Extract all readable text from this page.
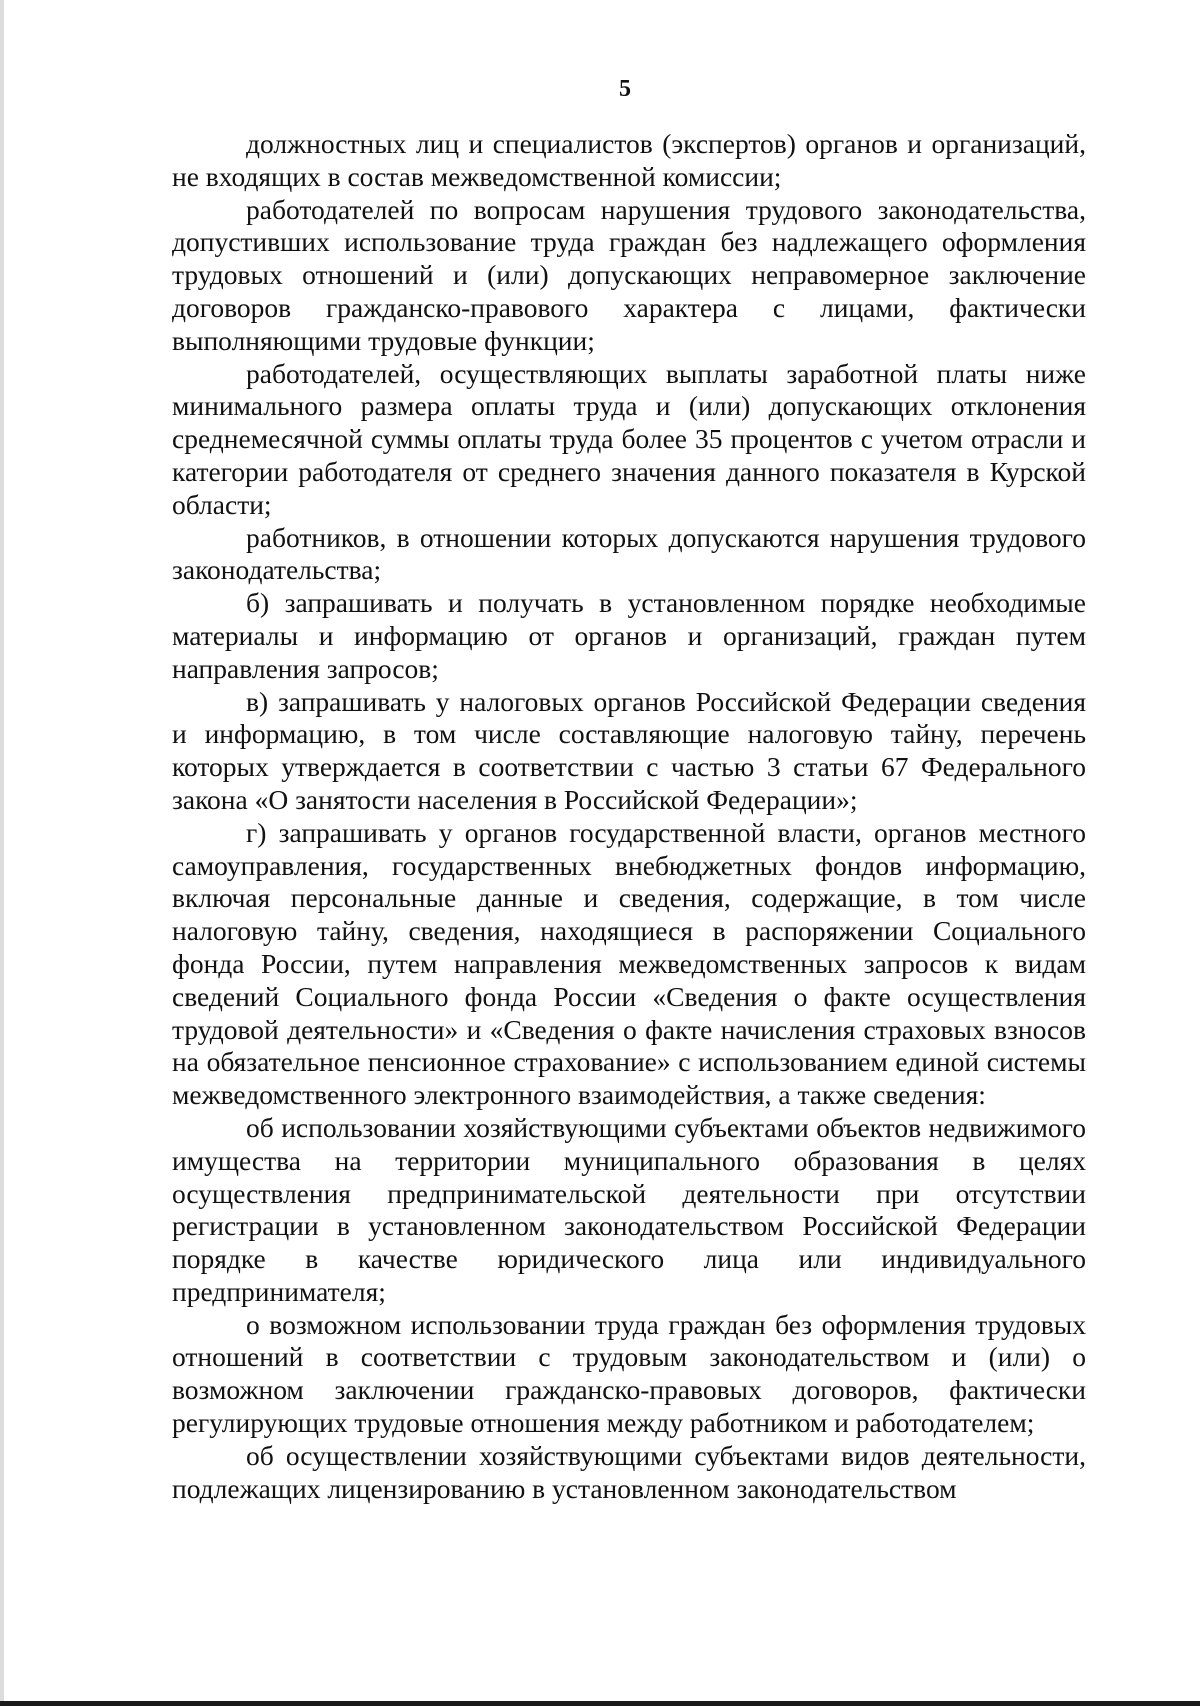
5

должностных лиц и специалистов (экспертов) органов и организаций, не входящих в состав межведомственной комиссии;

работодателей по вопросам нарушения трудового законодательства, допустивших использование труда граждан без надлежащего оформления трудовых отношений и (или) допускающих неправомерное заключение договоров гражданско-правового характера с лицами, фактически выполняющими трудовые функции;

работодателей, осуществляющих выплаты заработной платы ниже минимального размера оплаты труда и (или) допускающих отклонения среднемесячной суммы оплаты труда более 35 процентов с учетом отрасли и категории работодателя от среднего значения данного показателя в Курской области;

работников, в отношении которых допускаются нарушения трудового законодательства;

б) запрашивать и получать в установленном порядке необходимые материалы и информацию от органов и организаций, граждан путем направления запросов;

в) запрашивать у налоговых органов Российской Федерации сведения и информацию, в том числе составляющие налоговую тайну, перечень которых утверждается в соответствии с частью 3 статьи 67 Федерального закона «О занятости населения в Российской Федерации»;

г) запрашивать у органов государственной власти, органов местного самоуправления, государственных внебюджетных фондов информацию, включая персональные данные и сведения, содержащие, в том числе налоговую тайну, сведения, находящиеся в распоряжении Социального фонда России, путем направления межведомственных запросов к видам сведений Социального фонда России «Сведения о факте осуществления трудовой деятельности» и «Сведения о факте начисления страховых взносов на обязательное пенсионное страхование» с использованием единой системы межведомственного электронного взаимодействия, а также сведения:

об использовании хозяйствующими субъектами объектов недвижимого имущества на территории муниципального образования в целях осуществления предпринимательской деятельности при отсутствии регистрации в установленном законодательством Российской Федерации порядке в качестве юридического лица или индивидуального предпринимателя;

о возможном использовании труда граждан без оформления трудовых отношений в соответствии с трудовым законодательством и (или) о возможном заключении гражданско-правовых договоров, фактически регулирующих трудовые отношения между работником и работодателем;

об осуществлении хозяйствующими субъектами видов деятельности, подлежащих лицензированию в установленном законодательством
